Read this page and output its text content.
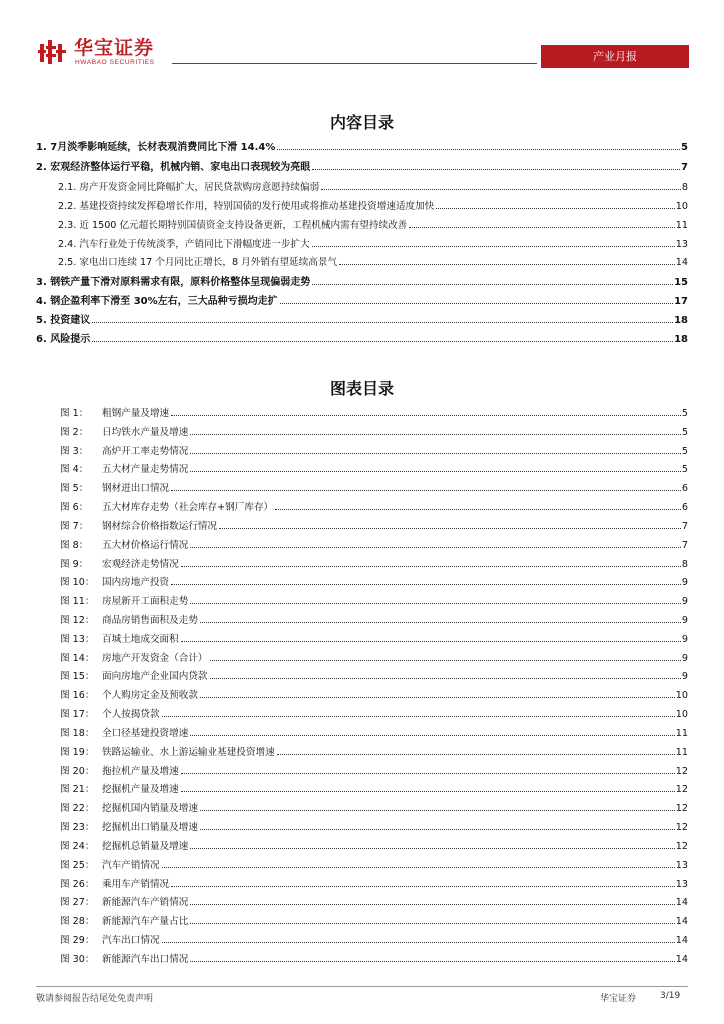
华宝证券
HWABAO SECURITIES	产业月报
内容目录
1. 7月淡季影响延续，长材表观消费同比下滑 14.4%	5
2. 宏观经济整体运行平稳，机械内销、家电出口表现较为亮眼	7
2.1. 房产开发资金同比降幅扩大，居民贷款购房意愿持续偏弱	8
2.2. 基建投资持续发挥稳增长作用，特别国债的发行使用或将推动基建投资增速适度加快	10
2.3. 近 1500 亿元超长期特别国债资金支持设备更新，工程机械内需有望持续改善	11
2.4. 汽车行业处于传统淡季，产销同比下滑幅度进一步扩大	13
2.5. 家电出口连续 17 个月同比正增长，8 月外销有望延续高景气	14
3. 钢铁产量下滑对原料需求有限，原料价格整体呈现偏弱走势	15
4. 钢企盈利率下滑至 30%左右，三大品种亏损均走扩	17
5. 投资建议	18
6. 风险提示	18
图表目录
图 1：	粗钢产量及增速	5
图 2：	日均铁水产量及增速	5
图 3：	高炉开工率走势情况	5
图 4：	五大材产量走势情况	5
图 5：	钢材进出口情况	6
图 6：	五大材库存走势（社会库存+钢厂库存）	6
图 7：	钢材综合价格指数运行情况	7
图 8：	五大材价格运行情况	7
图 9：	宏观经济走势情况	8
图 10： 国内房地产投资	9
图 11： 房屋新开工面积走势	9
图 12： 商品房销售面积及走势	9
图 13： 百城土地成交面积	9
图 14： 房地产开发资金（合计）	9
图 15： 面向房地产企业国内贷款	9
图 16： 个人购房定金及预收款	10
图 17： 个人按揭贷款	10
图 18： 全口径基建投资增速	11
图 19： 铁路运输业、水上游运输业基建投资增速	11
图 20： 拖拉机产量及增速	12
图 21： 挖掘机产量及增速	12
图 22： 挖掘机国内销量及增速	12
图 23： 挖掘机出口销量及增速	12
图 24： 挖掘机总销量及增速	12
图 25： 汽车产销情况	13
图 26： 乘用车产销情况	13
图 27： 新能源汽车产销情况	14
图 28： 新能源汽车产量占比	14
图 29： 汽车出口情况	14
图 30： 新能源汽车出口情况	14
敬请参阅报告结尾处免责声明	华宝证券	3/19
